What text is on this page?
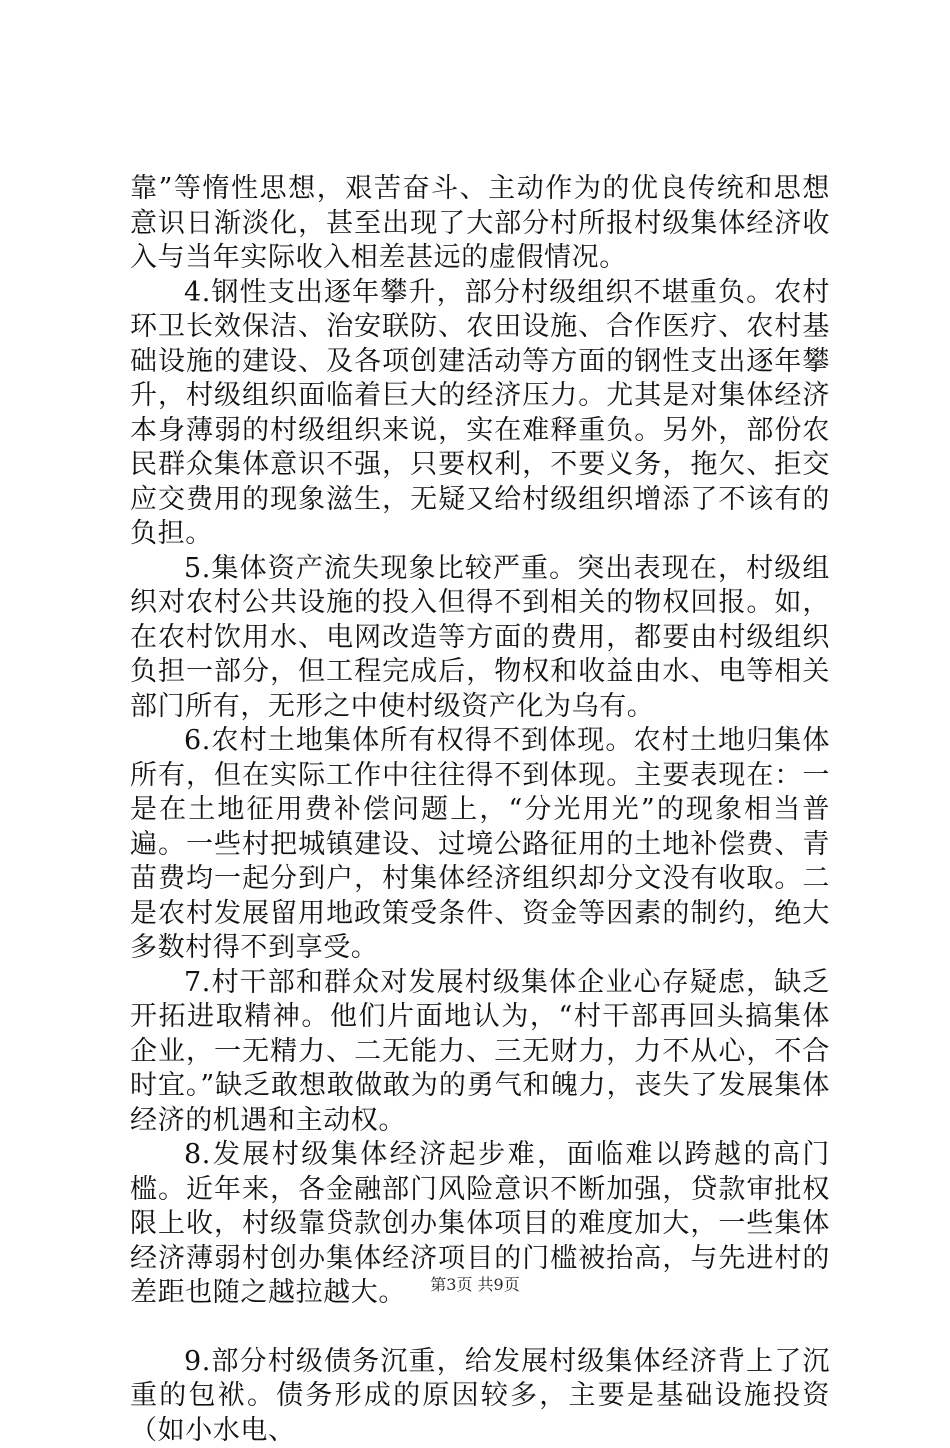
靠”等惰性思想，艰苦奋斗、主动作为的优良传统和思想意识日渐淡化，甚至出现了大部分村所报村级集体经济收入与当年实际收入相差甚远的虚假情况。

4.钢性支出逐年攀升，部分村级组织不堪重负。农村环卫长效保洁、治安联防、农田设施、合作医疗、农村基础设施的建设、及各项创建活动等方面的钢性支出逐年攀升，村级组织面临着巨大的经济压力。尤其是对集体经济本身薄弱的村级组织来说，实在难释重负。另外，部份农民群众集体意识不强，只要权利，不要义务，拖欠、拒交应交费用的现象滋生，无疑又给村级组织增添了不该有的负担。

5.集体资产流失现象比较严重。突出表现在，村级组织对农村公共设施的投入但得不到相关的物权回报。如，在农村饮用水、电网改造等方面的费用，都要由村级组织负担一部分，但工程完成后，物权和收益由水、电等相关部门所有，无形之中使村级资产化为乌有。

6.农村土地集体所有权得不到体现。农村土地归集体所有，但在实际工作中往往得不到体现。主要表现在：一是在土地征用费补偿问题上，“分光用光”的现象相当普遍。一些村把城镇建设、过境公路征用的土地补偿费、青苗费均一起分到户，村集体经济组织却分文没有收取。二是农村发展留用地政策受条件、资金等因素的制约，绝大多数村得不到享受。

7.村干部和群众对发展村级集体企业心存疑虑，缺乏开拓进取精神。他们片面地认为，“村干部再回头搞集体企业，一无精力、二无能力、三无财力，力不从心，不合时宜。”缺乏敢想敢做敢为的勇气和魄力，丧失了发展集体经济的机遇和主动权。

8.发展村级集体经济起步难，面临难以跨越的高门槛。近年来，各金融部门风险意识不断加强，贷款审批权限上收，村级靠贷款创办集体项目的难度加大，一些集体经济薄弱村创办集体经济项目的门槛被抬高，与先进村的差距也随之越拉越大。

9.部分村级债务沉重，给发展村级集体经济背上了沉重的包袱。债务形成的原因较多，主要是基础设施投资（如小水电、

第3页 共9页
